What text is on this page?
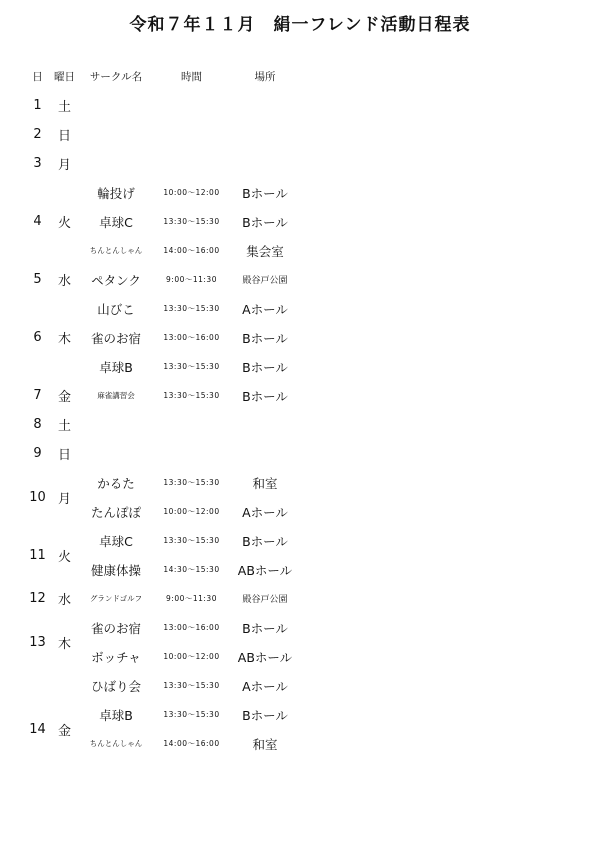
令和７年１１月　絹一フレンド活動日程表
日	曜日	サークル名	時間	場所
1	土
2	日
3	月
4	火
輪投げ	10:00～12:00	Bホール
卓球C	13:30～15:30	Bホール
ちんとんしゃん	14:00～16:00	集会室
5	水	ペタンク	9:00～11:30	殿谷戸公園
6	木
山びこ	13:30～15:30	Aホール
雀のお宿	13:00～16:00	Bホール
卓球B	13:30～15:30	Bホール
7	金	麻雀講習会	13:30～15:30	Bホール
8	土
9	日
10 月
かるた	13:30～15:30	和室
たんぽぽ	10:00～12:00	Aホール
11 火
卓球C	13:30～15:30	Bホール
健康体操	14:30～15:30	ABホール
12 水	グランドゴルフ	9:00～11:30	殿谷戸公園
13 木
雀のお宿	13:00～16:00	Bホール
ボッチャ	10:00～12:00	ABホール
14 金
ひばり会	13:30～15:30	Aホール
卓球B	13:30～15:30	Bホール
ちんとんしゃん	14:00～16:00	和室
